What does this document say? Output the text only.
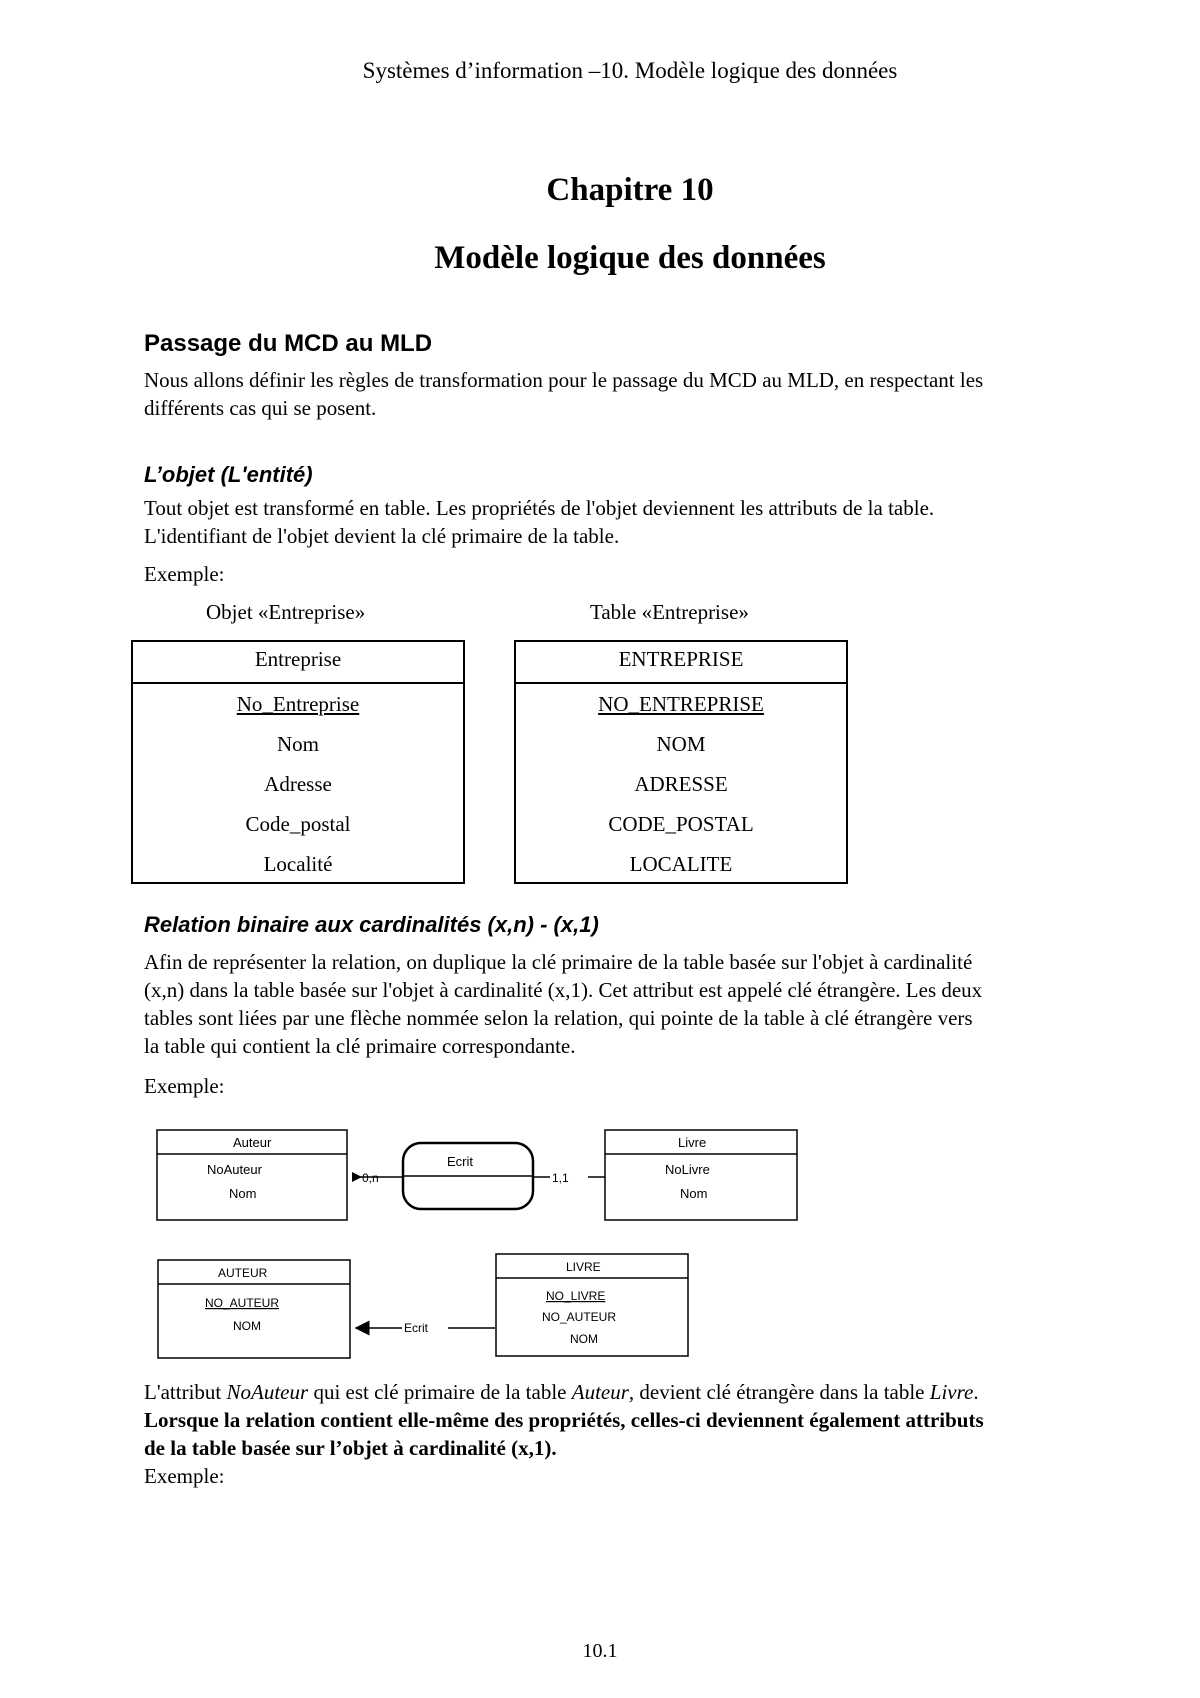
Systèmes d’information –10. Modèle logique des données
Chapitre 10
Modèle logique des données
Passage du MCD au MLD
Nous allons définir les règles de transformation pour le passage du MCD au MLD, en respectant les
différents cas qui se posent.
L’objet (L'entité)
Tout objet est transformé en table. Les propriétés de l'objet deviennent les attributs de la table.
L'identifiant de l'objet devient la clé primaire de la table.
Exemple:
Objet «Entreprise»	Table «Entreprise»
Entreprise
No_Entreprise
Nom
Adresse
Code_postal
Localité
ENTREPRISE
NO_ENTREPRISE
NOM
ADRESSE
CODE_POSTAL
LOCALITE
Relation binaire aux cardinalités (x,n) - (x,1)
Afin de représenter la relation, on duplique la clé primaire de la table basée sur l'objet à cardinalité
(x,n) dans la table basée sur l'objet à cardinalité (x,1). Cet attribut est appelé clé étrangère. Les deux
tables sont liées par une flèche nommée selon la relation, qui pointe de la table à clé étrangère vers
la table qui contient la clé primaire correspondante.
Exemple:
Auteur
NoAuteur
Nom
0,n
Ecrit
1,1
Livre
NoLivre
Nom
AUTEUR
NO_AUTEUR
NOM	Ecrit
LIVRE
NO_LIVRE
NO_AUTEUR
NOM
L'attribut NoAuteur qui est clé primaire de la table Auteur, devient clé étrangère dans la table Livre.
Lorsque la relation contient elle-même des propriétés, celles-ci deviennent également attributs
de la table basée sur l’objet à cardinalité (x,1).
Exemple:
10.1
